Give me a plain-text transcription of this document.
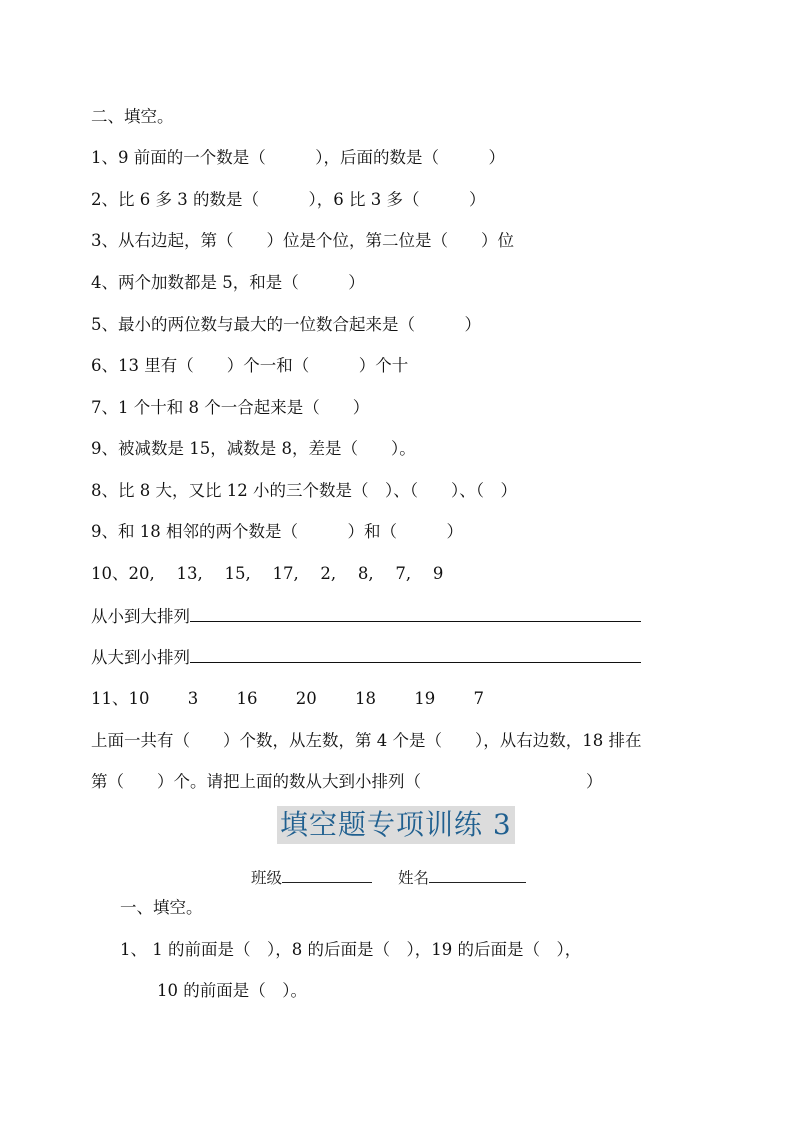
二、填空。
1、9 前面的一个数是（　　　），后面的数是（　　　）
2、比 6 多 3 的数是（　　　），6 比 3 多（　　　）
3、从右边起，第（　　）位是个位，第二位是（　　）位
4、两个加数都是 5，和是（　　　）
5、最小的两位数与最大的一位数合起来是（　　　）
6、13 里有（　　）个一和（　　　）个十
7、1 个十和 8 个一合起来是（　　）
9、被减数是 15，减数是 8，差是（　　）。
8、比 8 大，又比 12 小的三个数是（　）、（　　）、（　）
9、和 18 相邻的两个数是（　　　）和（　　　）
10、20,　 13,　 15,　 17,　 2,　 8,　 7,　 9
从小到大排列
从大到小排列
11、10　　 3　　 16　　 20　　 18　　 19　　 7
上面一共有（　　）个数，从左数，第 4 个是（　　），从右边数，18 排在
第（　　）个。请把上面的数从大到小排列（　　　　　　　　　　）
填空题专项训练 3
班级	姓名
一、填空。
1、 1 的前面是（　），8 的后面是（　），19 的后面是（　），
10 的前面是（　）。
